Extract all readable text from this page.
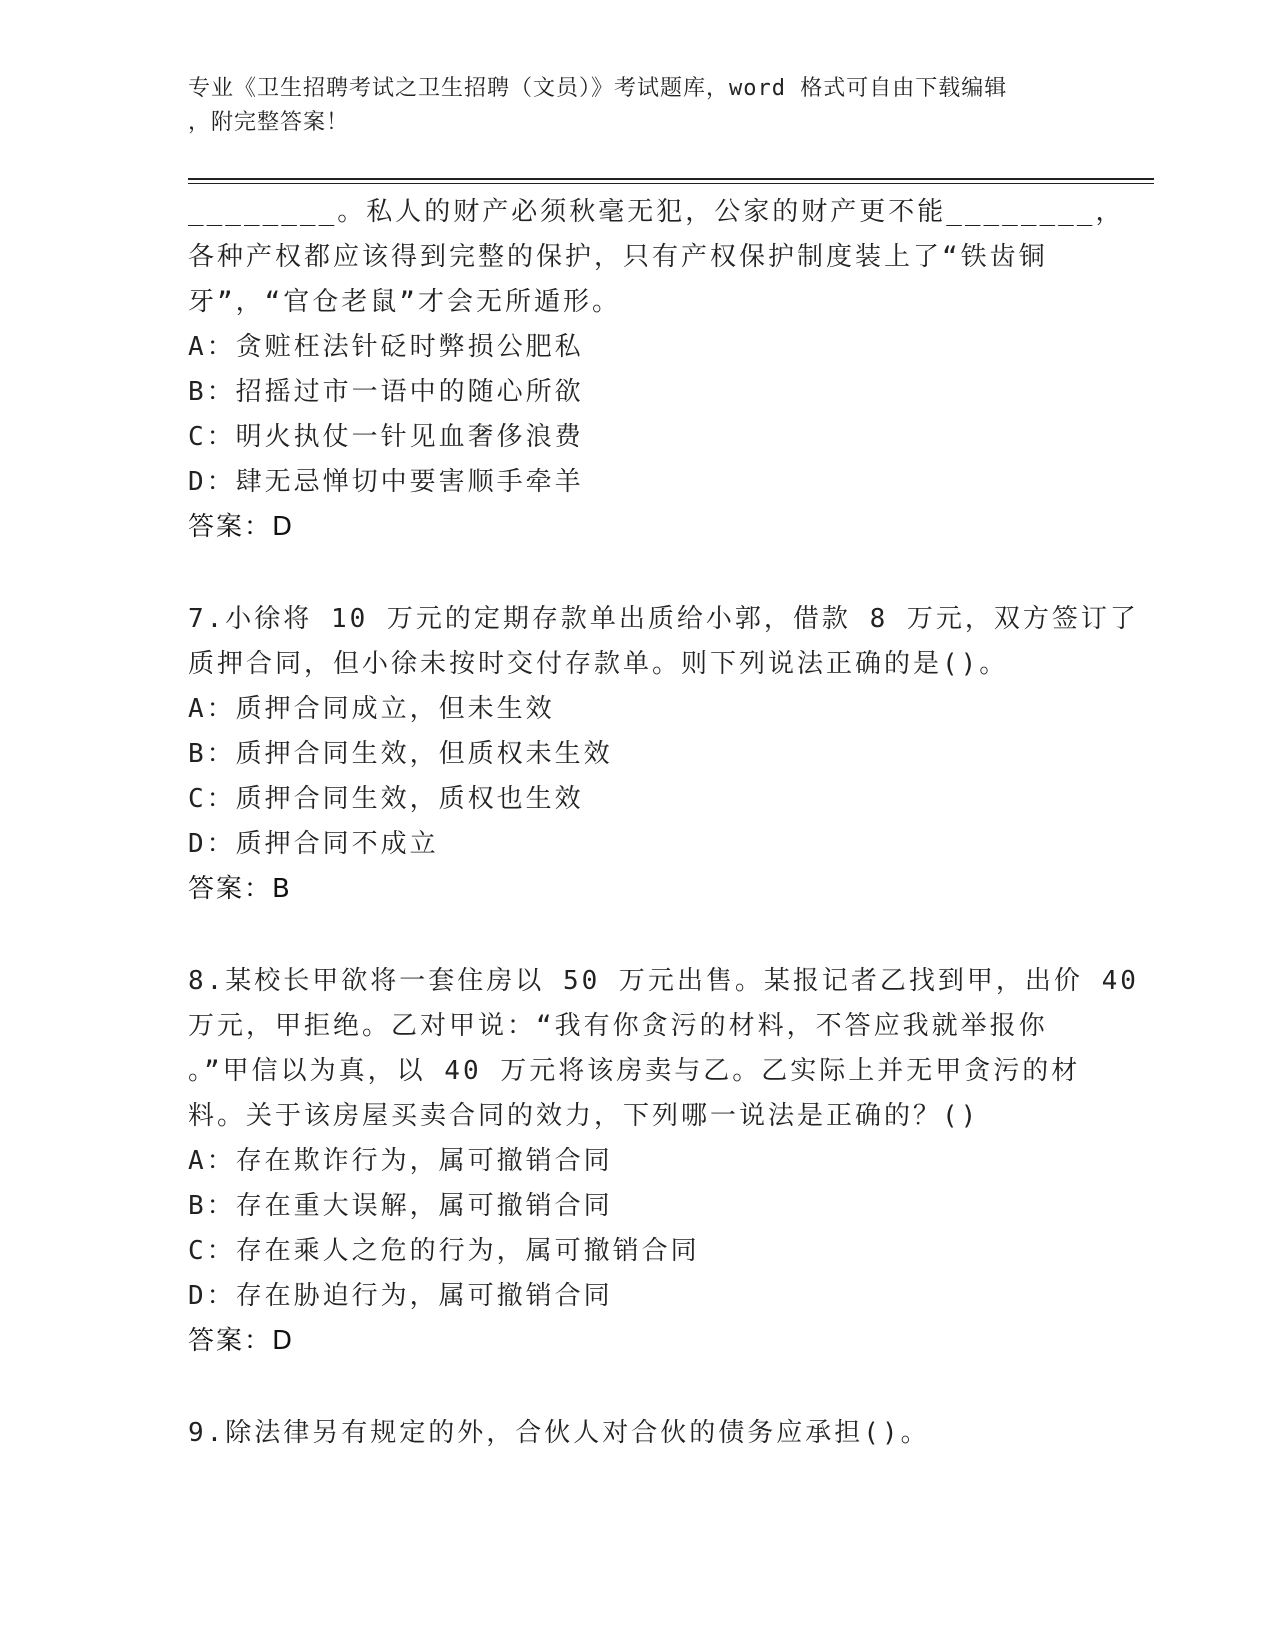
专业《卫生招聘考试之卫生招聘（文员）》考试题库，word 格式可自由下载编辑
，附完整答案！
________。私人的财产必须秋毫无犯，公家的财产更不能________，
各种产权都应该得到完整的保护，只有产权保护制度装上了“铁齿铜
牙”，“官仓老鼠”才会无所遁形。
A：贪赃枉法针砭时弊损公肥私
B：招摇过市一语中的随心所欲
C：明火执仗一针见血奢侈浪费
D：肆无忌惮切中要害顺手牵羊
答案：D
7.小徐将 10 万元的定期存款单出质给小郭，借款 8 万元，双方签订了
质押合同，但小徐未按时交付存款单。则下列说法正确的是()。
A：质押合同成立，但未生效
B：质押合同生效，但质权未生效
C：质押合同生效，质权也生效
D：质押合同不成立
答案：B
8.某校长甲欲将一套住房以 50 万元出售。某报记者乙找到甲，出价 40
万元，甲拒绝。乙对甲说：“我有你贪污的材料，不答应我就举报你
。”甲信以为真，以 40 万元将该房卖与乙。乙实际上并无甲贪污的材
料。关于该房屋买卖合同的效力，下列哪一说法是正确的？()
A：存在欺诈行为，属可撤销合同
B：存在重大误解，属可撤销合同
C：存在乘人之危的行为，属可撤销合同
D：存在胁迫行为，属可撤销合同
答案：D
9.除法律另有规定的外，合伙人对合伙的债务应承担()。
